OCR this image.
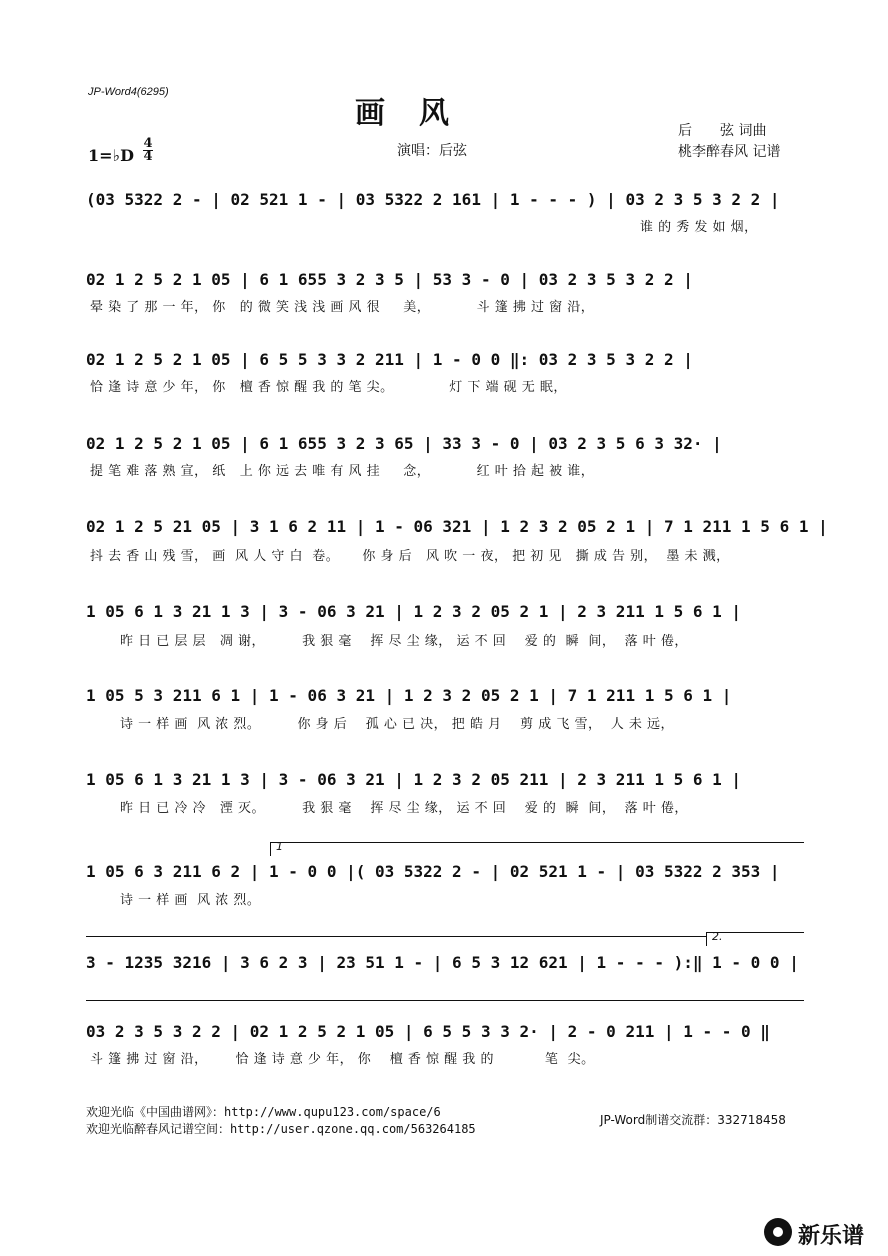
JP-Word4(6295)
画　风
1=♭D
4
4	演唱：后弦
后　　弦 词曲
桃李醉春风 记谱
(03 5322 2 - | 02 521 1 - | 03 5322 2 161 | 1 - - - ) | 03 2 3 5 3 2 2 |
谁 的 秀 发 如 烟，
02 1 2 5 2 1 05 | 6 1 655 3 2 3 5 | 53 3 - 0 | 03 2 3 5 3 2 2 |
晕 染 了 那 一 年， 你   的 微 笑 浅 浅 画 风 很     美，          斗 篷 拂 过 窗 沿，
02 1 2 5 2 1 05 | 6 5 5 3 3 2 211 | 1 - 0 0 ‖: 03 2 3 5 3 2 2 |
恰 逢 诗 意 少 年， 你   檀 香 惊 醒 我 的 笔 尖。            灯 下 端 砚 无 眠，
02 1 2 5 2 1 05 | 6 1 655 3 2 3 65 | 33 3 - 0 | 03 2 3 5 6 3 32· |
提 笔 难 落 熟 宣， 纸   上 你 远 去 唯 有 风 挂     念，          红 叶 拾 起 被 谁，
02 1 2 5 21 05 | 3 1 6 2 11 | 1 - 06 321 | 1 2 3 2 05 2 1 | 7 1 211 1 5 6 1 |
抖 去 香 山 残 雪， 画  风 人 守 白  卷。     你 身 后   风 吹 一 夜， 把 初 见   撕 成 告 别，  墨 未 溅，
1 05 6 1 3 21 1 3 | 3 - 06 3 21 | 1 2 3 2 05 2 1 | 2 3 211 1 5 6 1 |
昨 日 已 层 层   凋 谢，        我 狠 毫    挥 尽 尘 缘， 运 不 回    爱 的  瞬  间，  落 叶 倦，
1 05 5 3 211 6 1 | 1 - 06 3 21 | 1 2 3 2 05 2 1 | 7 1 211 1 5 6 1 |
诗 一 样 画  风 浓 烈。        你 身 后    孤 心 已 决， 把 皓 月    剪 成 飞 雪，  人 未 远，
1 05 6 1 3 21 1 3 | 3 - 06 3 21 | 1 2 3 2 05 211 | 2 3 211 1 5 6 1 |
昨 日 已 冷 冷   湮 灭。        我 狠 毫    挥 尽 尘 缘， 运 不 回    爱 的  瞬  间，  落 叶 倦，
1
1 05 6 3 211 6 2 | 1 - 0 0 |( 03 5322 2 - | 02 521 1 - | 03 5322 2 353 |
诗 一 样 画  风 浓 烈。
2.
3 - 1235 3216 | 3 6 2 3 | 23 51 1 - | 6 5 3 12 621 | 1 - - - ):‖ 1 - 0 0 |
03 2 3 5 3 2 2 | 02 1 2 5 2 1 05 | 6 5 5 3 3 2· | 2 - 0 211 | 1 - - 0 ‖
斗 篷 拂 过 窗 沿，      恰 逢 诗 意 少 年， 你    檀 香 惊 醒 我 的           笔  尖。
欢迎光临《中国曲谱网》：http://www.qupu123.com/space/6
欢迎光临醉春风记谱空间：http://user.qzone.qq.com/563264185
JP-Word制谱交流群：332718458
新乐谱
